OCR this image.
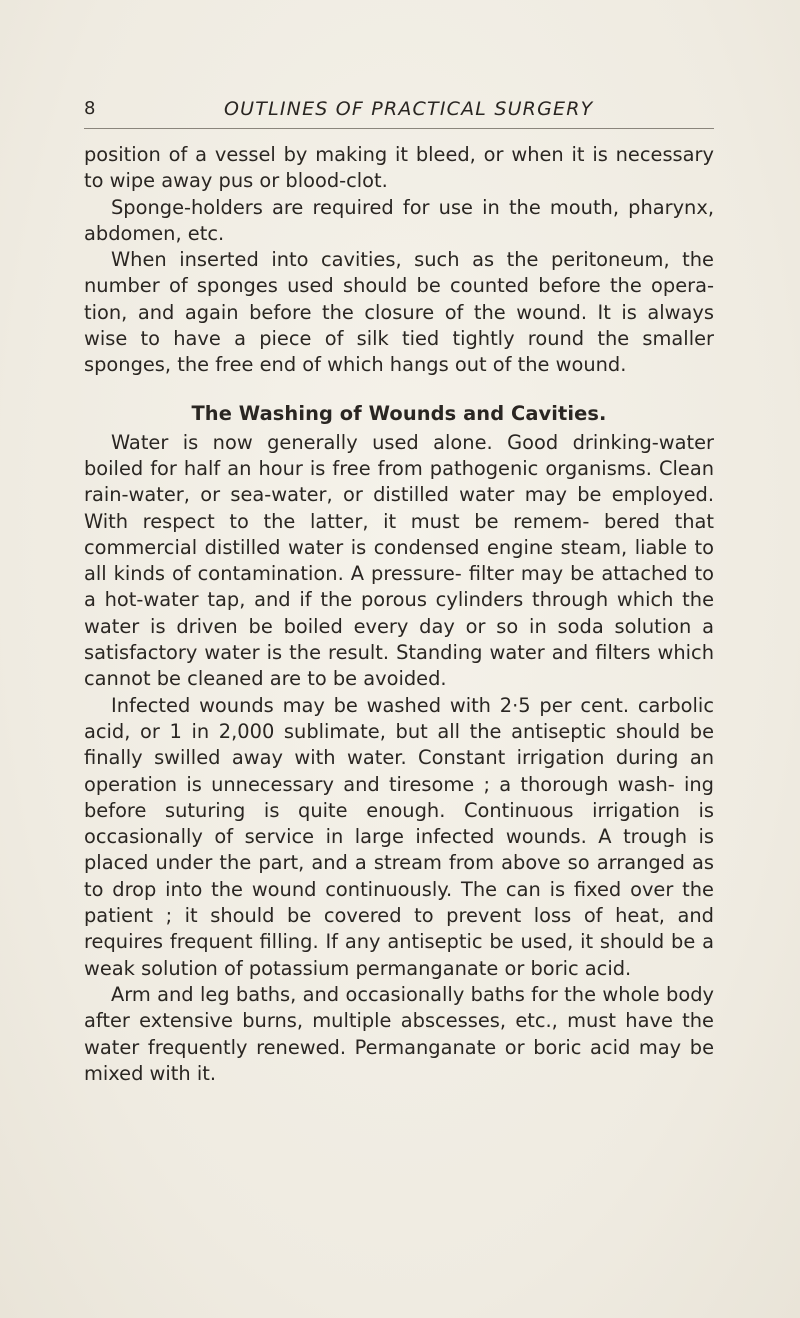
8	OUTLINES OF PRACTICAL SURGERY

position of a vessel by making it bleed, or when it is necessary to wipe away pus or blood-clot.

Sponge-holders are required for use in the mouth, pharynx, abdomen, etc.

When inserted into cavities, such as the peritoneum, the number of sponges used should be counted before the opera- tion, and again before the closure of the wound. It is always wise to have a piece of silk tied tightly round the smaller sponges, the free end of which hangs out of the wound.

The Washing of Wounds and Cavities.

Water is now generally used alone. Good drinking-water boiled for half an hour is free from pathogenic organisms. Clean rain-water, or sea-water, or distilled water may be employed. With respect to the latter, it must be remem- bered that commercial distilled water is condensed engine steam, liable to all kinds of contamination. A pressure- filter may be attached to a hot-water tap, and if the porous cylinders through which the water is driven be boiled every day or so in soda solution a satisfactory water is the result. Standing water and filters which cannot be cleaned are to be avoided.

Infected wounds may be washed with 2·5 per cent. carbolic acid, or 1 in 2,000 sublimate, but all the antiseptic should be finally swilled away with water. Constant irrigation during an operation is unnecessary and tiresome ; a thorough wash- ing before suturing is quite enough. Continuous irrigation is occasionally of service in large infected wounds. A trough is placed under the part, and a stream from above so arranged as to drop into the wound continuously. The can is fixed over the patient ; it should be covered to prevent loss of heat, and requires frequent filling. If any antiseptic be used, it should be a weak solution of potassium permanganate or boric acid.

Arm and leg baths, and occasionally baths for the whole body after extensive burns, multiple abscesses, etc., must have the water frequently renewed. Permanganate or boric acid may be mixed with it.
